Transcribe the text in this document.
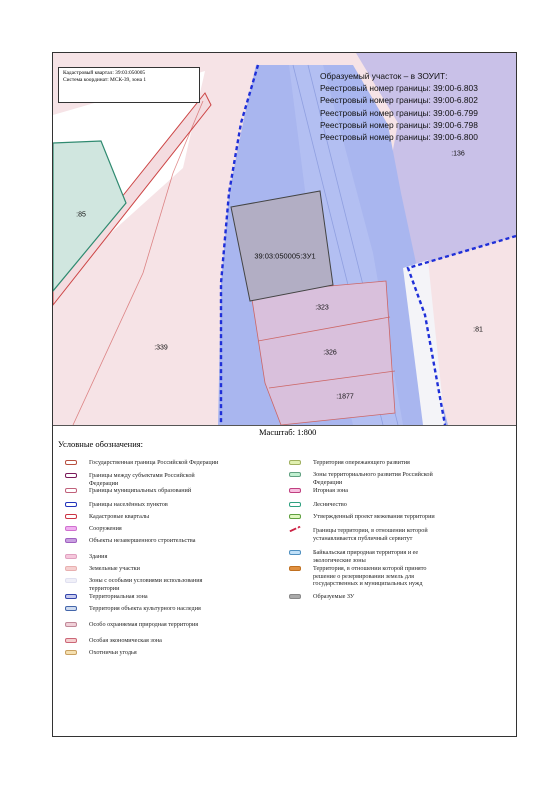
Кадастровый квартал: 39:03:050005
Система координат: МСК-39, зона 1	Образуемый участок – в ЗОУИТ:
Реестровый номер границы: 39:00-6.803
Реестровый номер границы: 39:00-6.802
Реестровый номер границы: 39:00-6.799
Реестровый номер границы: 39:00-6.798
Реестровый номер границы: 39:00-6.800
:136
:85
39:03:050005:ЗУ1
:323
:81
:339
:326
:1877
Масштаб: 1:800
Условные обозначения:
Государственная граница Российской Федерации
Границы между субъектами Российской Федерации
Границы муниципальных образований
Границы населённых пунктов
Кадастровые кварталы
Сооружения
Объекты незавершенного строительства
Здания
Земельные участки
Зоны с особыми условиями использования территории
Территориальная зона
Территория объекта культурного наследия
Особо охраняемая природная территория
Особая экономическая зона
Охотничьи угодья
Территория опережающего развития
Зоны территориального развития Российской Федерации
Игорная зона
Лесничество
Утвержденный проект межевания территории
Границы территории, в отношении которой устанавливается публичный сервитут
Байкальская природная территория и ее экологические зоны
Территория, в отношении которой принято решение о резервировании земель для государственных и муниципальных нужд
Образуемые ЗУ
